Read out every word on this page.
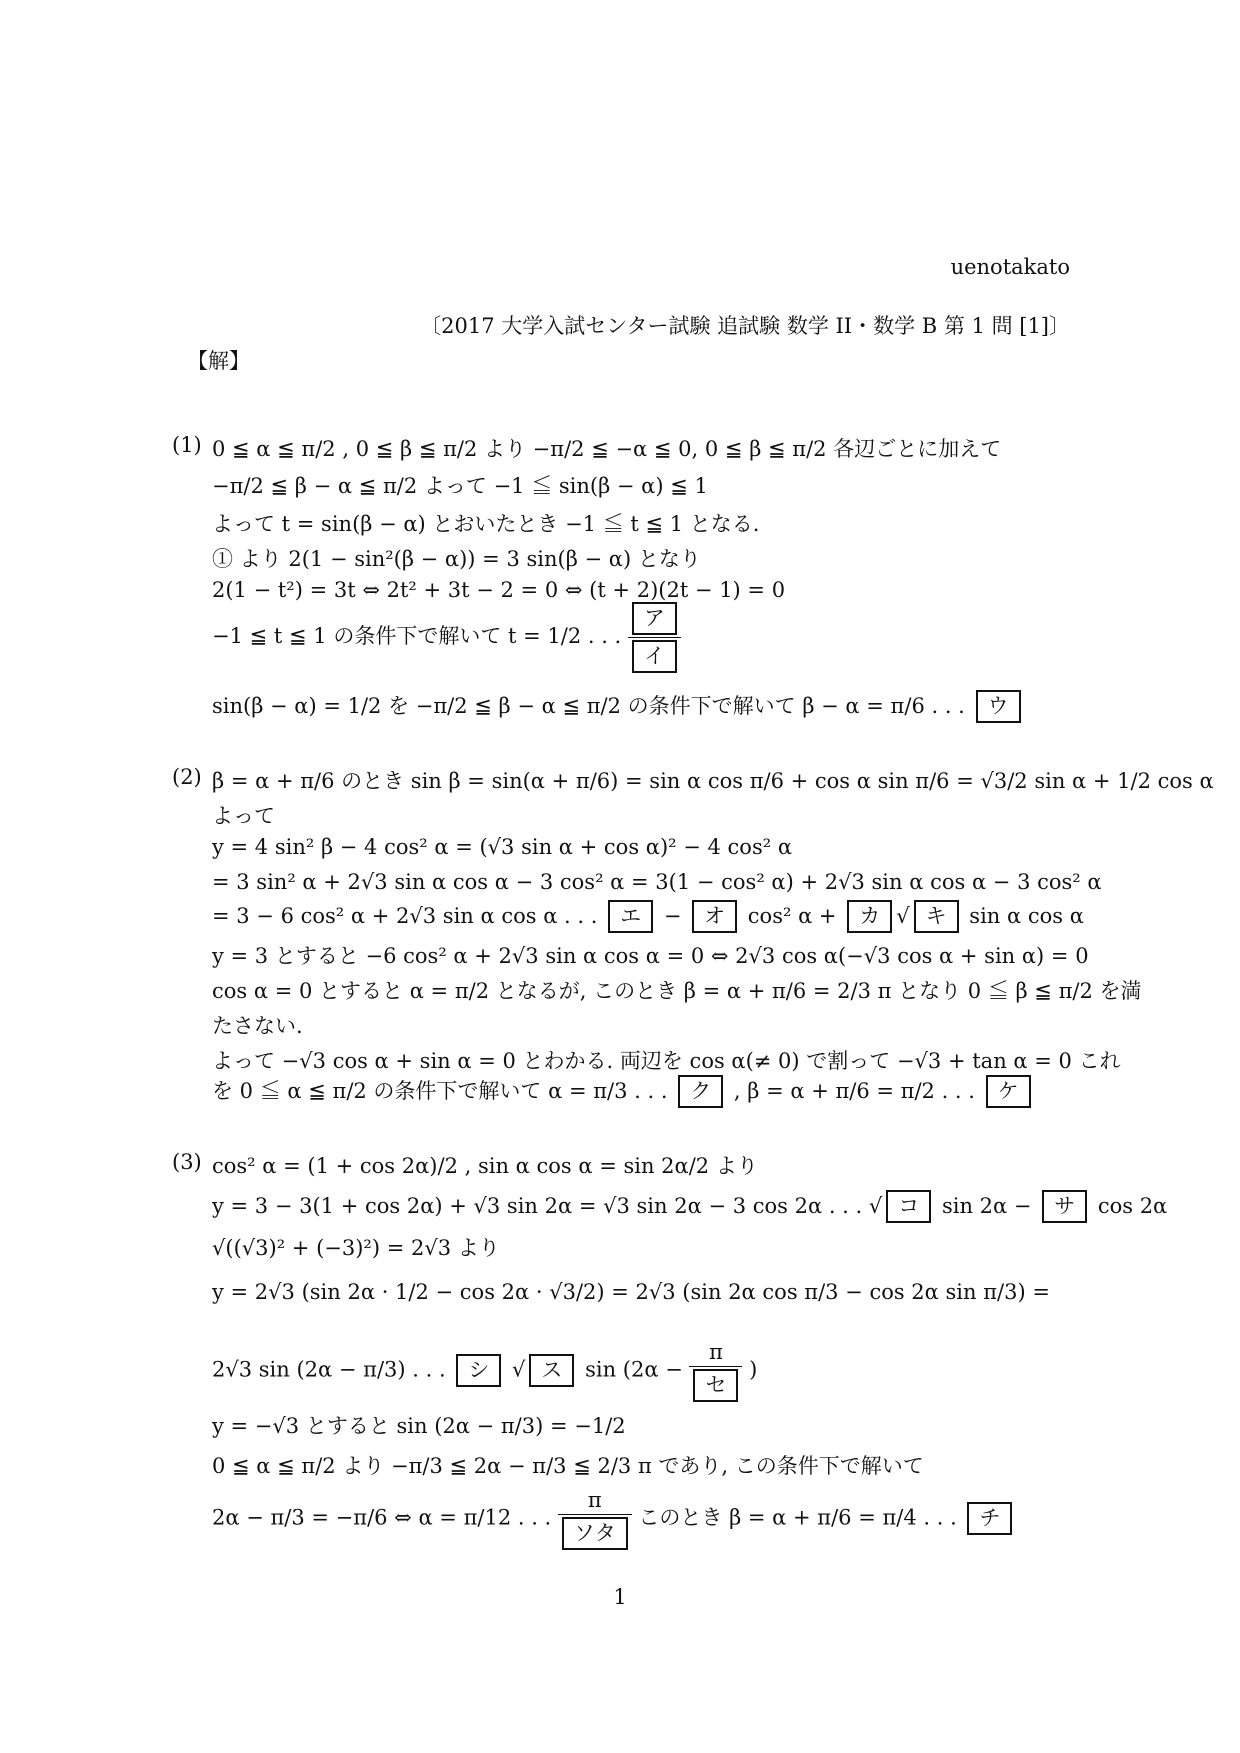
uenotakato
〔2017 大学入試センター試験 追試験 数学 II・数学 B 第 1 問 [1]〕
【解】
(1) 0 ≦ α ≦ π/2 , 0 ≦ β ≦ π/2 より −π/2 ≦ −α ≦ 0, 0 ≦ β ≦ π/2 各辺ごとに加えて
−π/2 ≦ β − α ≦ π/2 よって −1 ≦ sin(β − α) ≦ 1
よって t = sin(β − α) とおいたとき −1 ≦ t ≦ 1 となる.
① より 2(1 − sin²(β − α)) = 3 sin(β − α) となり
2(1 − t²) = 3t ⇔ 2t² + 3t − 2 = 0 ⇔ (t + 2)(2t − 1) = 0
−1 ≦ t ≦ 1 の条件下で解いて t = 1/2 . . .
ア
イ
sin(β − α) = 1/2 を −π/2 ≦ β − α ≦ π/2 の条件下で解いて β − α = π/6 . . . ウ
(2) β = α + π/6 のとき sin β = sin(α + π/6) = sin α cos π/6 + cos α sin π/6 = √3/2 sin α + 1/2 cos α
よって
y = 4 sin² β − 4 cos² α = (√3 sin α + cos α)² − 4 cos² α
= 3 sin² α + 2√3 sin α cos α − 3 cos² α = 3(1 − cos² α) + 2√3 sin α cos α − 3 cos² α
= 3 − 6 cos² α + 2√3 sin α cos α . . . エ − オ cos² α + カ √ キ sin α cos α
y = 3 とすると −6 cos² α + 2√3 sin α cos α = 0 ⇔ 2√3 cos α(−√3 cos α + sin α) = 0
cos α = 0 とすると α = π/2 となるが, このとき β = α + π/6 = 2/3 π となり 0 ≦ β ≦ π/2 を満
たさない.
よって −√3 cos α + sin α = 0 とわかる. 両辺を cos α(≠ 0) で割って −√3 + tan α = 0 これ
を 0 ≦ α ≦ π/2 の条件下で解いて α = π/3 . . . ク , β = α + π/6 = π/2 . . . ケ
(3) cos² α = (1 + cos 2α)/2 , sin α cos α = sin 2α/2 より
y = 3 − 3(1 + cos 2α) + √3 sin 2α = √3 sin 2α − 3 cos 2α . . . √ コ sin 2α − サ cos 2α
√((√3)² + (−3)²) = 2√3 より
y = 2√3 (sin 2α · 1/2 − cos 2α · √3/2) = 2√3 (sin 2α cos π/3 − cos 2α sin π/3) =
2√3 sin (2α − π/3) . . . シ √ ス sin (2α −
π
セ
)
y = −√3 とすると sin (2α − π/3) = −1/2
0 ≦ α ≦ π/2 より −π/3 ≦ 2α − π/3 ≦ 2/3 π であり, この条件下で解いて
2α − π/3 = −π/6 ⇔ α = π/12 . . .
π
ソタ
このとき β = α + π/6 = π/4 . . . チ
1
